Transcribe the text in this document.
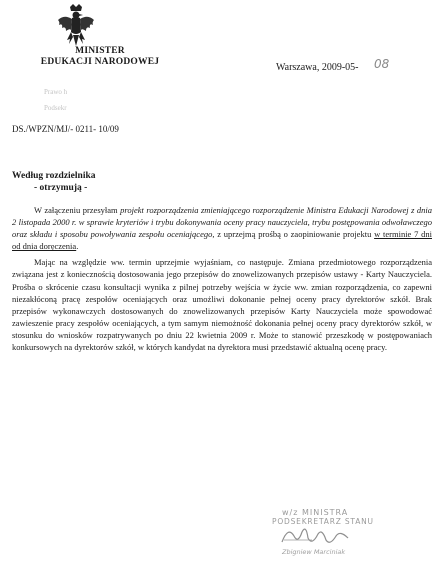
MINISTER
EDUKACJI NARODOWEJ	Warszawa, 2009-05- 08
Prawo h
Podsekr
DS./WPZN/MJ/- 0211- 10/09
Według rozdzielnika
- otrzymują -

W załączeniu przesyłam projekt rozporządzenia zmieniającego rozporządzenie Ministra Edukacji Narodowej z dnia 2 listopada 2000 r. w sprawie kryteriów i trybu dokonywania oceny pracy nauczyciela, trybu postępowania odwoławczego oraz składu i sposobu powoływania zespołu oceniającego, z uprzejmą prośbą o zaopiniowanie projektu w terminie 7 dni od dnia doręczenia.

Mając na względzie ww. termin uprzejmie wyjaśniam, co następuje. Zmiana przedmiotowego rozporządzenia związana jest z koniecznością dostosowania jego przepisów do znowelizowanych przepisów ustawy - Karty Nauczyciela. Prośba o skrócenie czasu konsultacji wynika z pilnej potrzeby wejścia w życie ww. zmian rozporządzenia, co zapewni niezakłóconą pracę zespołów oceniających oraz umożliwi dokonanie pełnej oceny pracy dyrektorów szkół. Brak przepisów wykonawczych dostosowanych do znowelizowanych przepisów Karty Nauczyciela może spowodować zawieszenie pracy zespołów oceniających, a tym samym niemożność dokonania pełnej oceny pracy dyrektorów szkół, w stosunku do wniosków rozpatrywanych po dniu 22 kwietnia 2009 r. Może to stanowić przeszkodę w postępowaniach konkursowych na dyrektorów szkół, w których kandydat na dyrektora musi przedstawić aktualną ocenę pracy.

w/z MINISTRA
PODSEKRETARZ STANU
Zbigniew Marciniak
